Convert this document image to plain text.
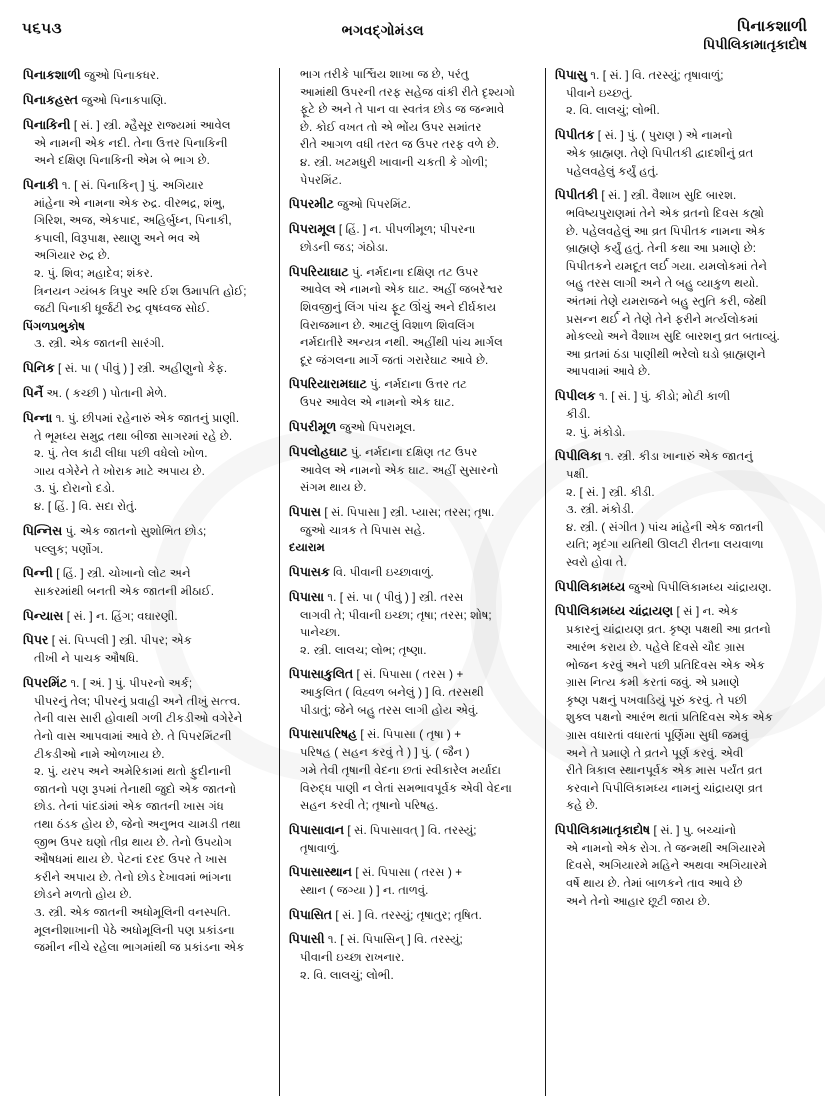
૫૬૫૩	ભગવદ્ગોમંડલ	પિનાકશાળી
પિપીલિકામાતૃકાદોષ

પિનાકશાળી જુઓ પિનાકધર.

પિનાકહસ્ત જુઓ પિનાકપાણિ.

પિનાકિની [ સં. ] સ્ત્રી. મ્હૈસૂર રાજ્યમાં આવેલ

એ નામની એક નદી. તેના ઉત્તર પિનાકિની

અને દક્ષિણ પિનાકિની એમ બે ભાગ છે.

પિનાકી ૧. [ સં. પિનાકિન્ ] પું. અગિયાર

માંહેના એ નામના એક રુદ્ર. વીરભદ્ર, શંભુ,

ગિરિશ, અજ, એકપાદ, અહિર્બુધ્ન, પિનાકી,

કપાલી, વિરૂપાક્ષ, સ્થાણુ અને ભવ એ

અગિયાર રુદ્ર છે.

૨. પું. શિવ; મહાદેવ; શંકર.

ત્રિનયન ગ્યંબક ત્રિપુર અરિ ઈશ ઉમાપતિ હોઈ;

જટી પિનાકી ધૂર્જટી રુદ્ર વૃષધ્વજ સોઈ.

પિંગળપ્રભુકોષ

૩. સ્ત્રી. એક જાતની સારંગી.

પિનિક [ સં. પા ( પીવું ) ] સ્ત્રી. અહીણુનો કેફ.

પિનૈં અ. ( કચ્છી ) પોતાની મેળે.

પિન્ના ૧. પું. છીપમાં રહેનારું એક જાતનું પ્રાણી.

તે ભૂમધ્ય સમુદ્ર તથા બીજા સાગરમાં રહે છે.

૨. પું. તેલ કાઢી લીધા પછી વધેલો ખોળ.

ગાય વગેરેને તે ખોરાક માટે અપાય છે.

૩. પું. દોરાનો દડો.

૪. [ હિં. ] વિ. સદા રોતું.

પિન્નિસ પું. એક જાતનો સુશોભિત છોડ;

પલ્લુક; પર્ણોગ.

પિન્ની [ હિં. ] સ્ત્રી. ચોખાનો લોટ અને

સાકરમાંથી બનતી એક જાતની મીઠાઈ.

પિન્યાસ [ સં. ] ન. હિંગ; વઘારણી.

પિપર [ સં. પિપ્પલી ] સ્ત્રી. પીપર; એક

તીખી ને પાચક ઔષધિ.

પિપરમિંટ ૧. [ અં. ] પું. પીપરનો અર્ક;

પીપરનું તેલ; પીપરનું પ્રવાહી અને તીખું સત્ત્વ.

તેની વાસ સારી હોવાથી ગળી ટીકડીઓ વગેરેને

તેનો વાસ આપવામાં આવે છે. તે પિપરમિંટની

ટીકડીઓ નામે ઓળખાય છે.

૨. પું. યરપ અને અમેરિકામાં થતો ફુદીનાની

જાતનો પણ રૂપમાં તેનાથી જુદો એક જાતનો

છોડ. તેનાં પાંદડાંમાં એક જાતની ખાસ ગંધ

તથા ઠંડક હોય છે, જેનો અનુભવ ચામડી તથા

જીભ ઉપર ઘણો તીવ્ર થાય છે. તેનો ઉપયોગ

ઔષધમાં થાય છે. પેટનાં દરદ ઉપર તે ખાસ

કરીને અપાય છે. તેનો છોડ દેખાવમાં ભાંગના

છોડને મળતો હોય છે.

૩. સ્ત્રી. એક જાતની અધોમૂલિની વનસ્પતિ.

મૂલનીશાખાની પેઠે અધોમૂલિની પણ પ્રકાંડના

જમીન નીચે રહેલા ભાગમાંથી જ પ્રકાંડના એક

ભાગ તરીકે પાર્શ્વિય શાખા જ છે, પરંતુ

આમાંથી ઉપરની તરફ સહેજ વાંકી રીતે દૃશ્યગો

ફૂટે છે અને તે પાન વા સ્વતંત્ર છોડ જ જન્માવે

છે. કોઈ વખત તો એ ભોંય ઉપર સમાંતર

રીતે આગળ વધી તરત જ ઉપર તરફ વળે છે.

૪. સ્ત્રી. ખટમધુરી ખાવાની ચકતી કે ગોળી;

પેપરમિંટ.

પિપરમીટ જુઓ પિપરમિંટ.

પિપરામૂલ [ હિં. ] ન. પીપળીમૂળ; પીપરના

છોડની જડ; ગંઠોડા.

પિપરિયાઘાટ પું. નર્મદાના દક્ષિણ તટ ઉપર

આવેલ એ નામનો એક ઘાટ. અહીં જબરેશ્વર

શિવજીનું લિંગ પાંચ ફૂટ ઊંચું અને દીર્ઘકાય

વિરાજમાન છે. આટલું વિશાળ શિવલિંગ

નર્મદાતીરે અન્યત્ર નથી. અહીંથી પાંચ માર્ગલ

દૂર જંગલના માર્ગે જતાં ગરારેઘાટ આવે છે.

પિપરિયારામઘાટ પું. નર્મદાના ઉત્તર તટ

ઉપર આવેલ એ નામનો એક ઘાટ.

પિપરીમૂળ જુઓ પિપરામૂલ.

પિપલોહઘાટ પું. નર્મદાના દક્ષિણ તટ ઉપર

આવેલ એ નામનો એક ઘાટ. અહીં સુસારનો

સંગમ થાય છે.

પિપાસ [ સં. પિપાસા ] સ્ત્રી. પ્યાસ; તરસ; તૃષા.

જુઓ ચાત્રક તે પિપાસ સહે.

દયારામ

પિપાસક વિ. પીવાની ઇચ્છાવાળું.

પિપાસા ૧. [ સં. પા ( પીવું ) ] સ્ત્રી. તરસ

લાગવી તે; પીવાની ઇચ્છા; તૃષા; તરસ; શોષ;

પાનેચ્છા.

૨. સ્ત્રી. લાલચ; લોભ; તૃષ્ણા.

પિપાસાકુલિત [ સં. પિપાસા ( તરસ ) +

આકુલિત ( વિહ્વળ બનેલું ) ] વિ. તરસથી

પીડાતું; જેને બહુ તરસ લાગી હોય એવું.

પિપાસાપરિષહ [ સં. પિપાસા ( તૃષા ) +

પરિષહ ( સહન કરવું તે ) ] પું. ( જૈન )

ગમે તેવી તૃષાની વેદના છતાં સ્વીકારેલ મર્યાદા

વિરુદ્ધ પાણી ન લેતાં સમભાવપૂર્વક એવી વેદના

સહન કરવી તે; તૃષાનો પરિષહ.

પિપાસાવાન [ સં. પિપાસાવત્ ] વિ. તરસ્યું;

તૃષાવાળું.

પિપાસાસ્થાન [ સં. પિપાસા ( તરસ ) +

સ્થાન ( જગ્યા ) ] ન. તાળવું.

પિપાસિત [ સં. ] વિ. તરસ્યું; તૃષાતુર; તૃષિત.

પિપાસી ૧. [ સં. પિપાસિન્ ] વિ. તરસ્યું;

પીવાની ઇચ્છા રાખનાર.

૨. વિ. લાલચું; લોભી.

પિપાસુ ૧. [ સં. ] વિ. તરસ્યું; તૃષાવાળું;

પીવાને ઇચ્છતું.

૨. વિ. લાલચું; લોભી.

પિપીતક [ સં. ] પું. ( પુરાણ ) એ નામનો

એક બ્રાહ્મણ. તેણે પિપીતકી દ્વાદશીનું વ્રત

પહેલવહેલું કર્યું હતું.

પિપીતકી [ સં. ] સ્ત્રી. વૈશાખ સુદિ બારશ.

ભવિષ્યપુરાણમાં તેને એક વ્રતનો દિવસ કહ્યો

છે. પહેલવહેલું આ વ્રત પિપીતક નામના એક

બ્રાહ્મણે કર્યું હતું. તેની કથા આ પ્રમાણે છે:

પિપીતકને યમદૂત લર્ઈ ગયા. યમલોકમાં તેને

બહુ તરસ લાગી અને તે બહુ વ્યાકુળ થયો.

અંતમાં તેણે યમરાજને બહુ સ્તુતિ કરી, જેથી

પ્રસન્ન થર્ઈ ને તેણે તેને ફરીને મર્ત્યલોકમાં

મોકલ્યો અને વૈશાખ સુદિ બારશનુ વ્રત બતાવ્યું.

આ વ્રતમાં ઠંડા પાણીથી ભરેલો ઘડો બ્રાહ્મણને

આપવામાં આવે છે.

પિપીલક ૧. [ સં. ] પું. કીડો; મોટી કાળી

કીડી.

૨. પું. મંકોડો.

પિપીલિકા ૧. સ્ત્રી. કીડા ખાનારું એક જાતનું

પક્ષી.

૨. [ સં. ] સ્ત્રી. કીડી.

૩. સ્ત્રી. મંકોડી.

૪. સ્ત્રી. ( સંગીત ) પાંચ માંહેની એક જાતની

યતિ; મૃદંગા યતિથી ઊલટી રીતના લયવાળા

સ્વરો હોવા તે.

પિપીલિકામધ્ય જુઓ પિપીલિકામધ્ય ચાંદ્રાયણ.

પિપીલિકામધ્ય ચાંદ્રાયણ [ સં ] ન. એક

પ્રકારનું ચાંદ્રાયણ વ્રત. કૃષ્ણ પક્ષથી આ વ્રતનો

આરંભ કરાય છે. પહેલે દિવસે ચૌદ ગ્રાસ

ભોજન કરવું અને પછી પ્રતિદિવસ એક એક

ગ્રાસ નિત્ય કમી કરતાં જવું. એ પ્રમાણે

કૃષ્ણ પક્ષનું પખવાડિયું પૂરું કરવું. તે પછી

શુક્લ પક્ષનો આરંભ થતાં પ્રતિદિવસ એક એક

ગ્રાસ વધારતાં વધારતાં પૂર્ણિમા સુધી જમવું

અને તે પ્રમાણે તે વ્રતને પૂર્ણ કરવું. એવી

રીતે ત્રિકાલ સ્થાનપૂર્વક એક માસ પર્યંત વ્રત

કરવાને પિપીલિકામધ્ય નામનું ચાંદ્રાયણ વ્રત

કહે છે.

પિપીલિકામાતૃકાદોષ [ સં. ] પુ. બચ્ચાંનો

એ નામનો એક રોગ. તે જન્મથી અગિયારમે

દિવસે, અગિયારમે મહિને અથવા અગિયારમે

વર્ષે થાય છે. તેમાં બાળકને તાવ આવે છે

અને તેનો આહાર છૂટી જાય છે.
